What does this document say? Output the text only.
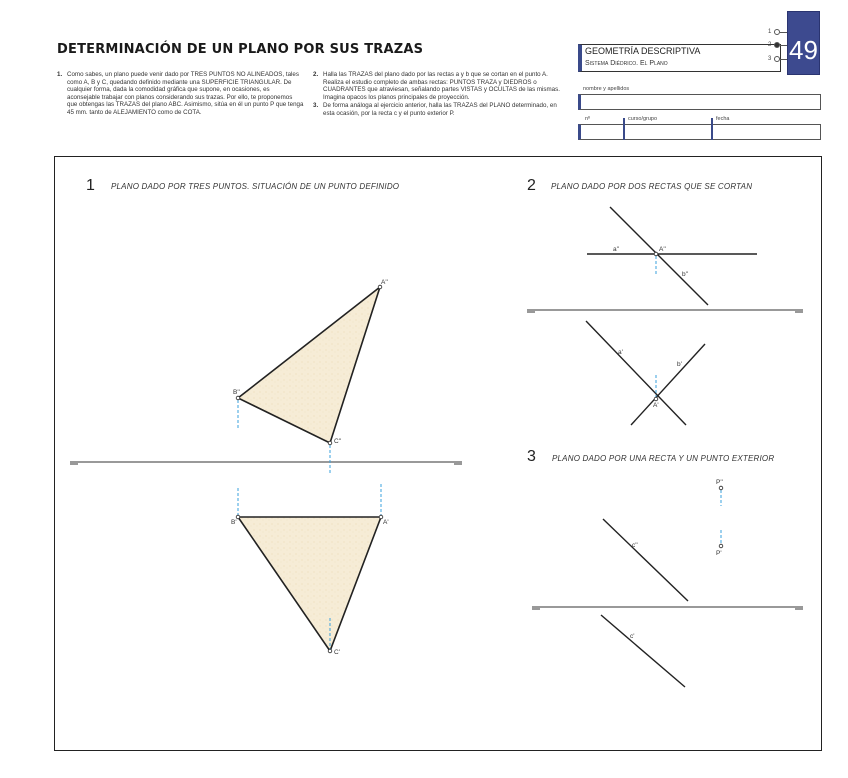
DETERMINACIÓN DE UN PLANO POR SUS TRAZAS
1. Como sabes, un plano puede venir dado por TRES PUNTOS NO ALINEADOS, tales como A, B y C, quedando definido mediante una SUPERFICIE TRIANGULAR. De cualquier forma, dada la comodidad gráfica que supone, en ocasiones, es aconsejable trabajar con planos considerando sus trazas. Por ello, te proponemos que obtengas las TRAZAS del plano ABC. Asimismo, sitúa en él un punto P que tenga 45 mm. tanto de ALEJAMIENTO como de COTA.
2. Halla las TRAZAS del plano dado por las rectas a y b que se cortan en el punto A. Realiza el estudio completo de ambas rectas: PUNTOS TRAZA y DIEDROS o CUADRANTES que atraviesan, señalando partes VISTAS y OCULTAS de las mismas. Imagina opacos los planos principales de proyección.
3. De forma análoga al ejercicio anterior, halla las TRAZAS del PLANO determinado, en esta ocasión, por la recta c y el punto exterior P.
GEOMETRÍA DESCRIPTIVA
Sistema Diédrico. El Plano
1
2
3 49
nombre y apellidos
nº	curso/grupo	fecha
1 PLANO DADO POR TRES PUNTOS. SITUACIÓN DE UN PUNTO DEFINIDO	2 PLANO DADO POR DOS RECTAS QUE SE CORTAN
3 PLANO DADO POR UNA RECTA Y UN PUNTO EXTERIOR
A''
B''
C''
B'	A'
C'
a''	A''
b''
a'
b'
A'
P''
P'
c''
c'
